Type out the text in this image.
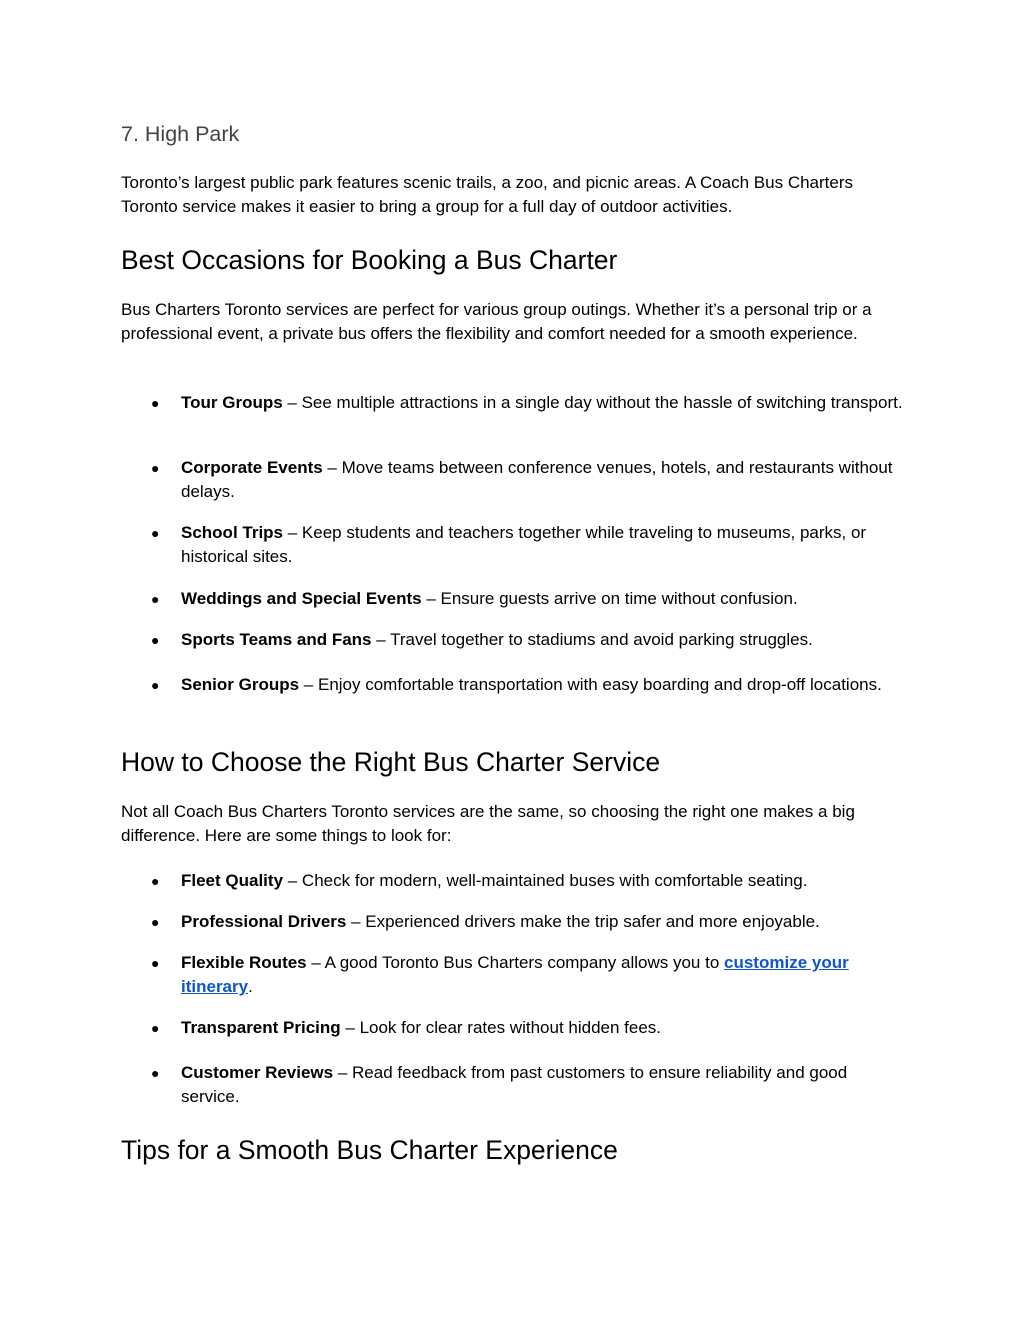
7. High Park

Toronto’s largest public park features scenic trails, a zoo, and picnic areas. A Coach Bus Charters Toronto service makes it easier to bring a group for a full day of outdoor activities.

Best Occasions for Booking a Bus Charter

Bus Charters Toronto services are perfect for various group outings. Whether it’s a personal trip or a professional event, a private bus offers the flexibility and comfort needed for a smooth experience.

● Tour Groups – See multiple attractions in a single day without the hassle of switching transport.
● Corporate Events – Move teams between conference venues, hotels, and restaurants without delays.
● School Trips – Keep students and teachers together while traveling to museums, parks, or historical sites.
● Weddings and Special Events – Ensure guests arrive on time without confusion.
● Sports Teams and Fans – Travel together to stadiums and avoid parking struggles.
● Senior Groups – Enjoy comfortable transportation with easy boarding and drop-off locations.
How to Choose the Right Bus Charter Service

Not all Coach Bus Charters Toronto services are the same, so choosing the right one makes a big difference. Here are some things to look for:

● Fleet Quality – Check for modern, well-maintained buses with comfortable seating.
● Professional Drivers – Experienced drivers make the trip safer and more enjoyable.
● Flexible Routes – A good Toronto Bus Charters company allows you to customize your itinerary.
● Transparent Pricing – Look for clear rates without hidden fees.
● Customer Reviews – Read feedback from past customers to ensure reliability and good service.
Tips for a Smooth Bus Charter Experience
